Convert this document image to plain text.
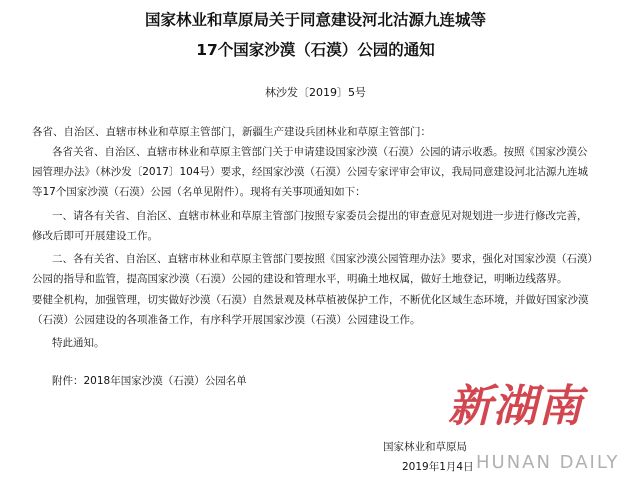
国家林业和草原局关于同意建设河北沽源九连城等
17个国家沙漠（石漠）公园的通知
林沙发〔2019〕5号
各省、自治区、直辖市林业和草原主管部门，新疆生产建设兵团林业和草原主管部门：
各省关省、自治区、直辖市林业和草原主管部门关于申请建设国家沙漠（石漠）公园的请示收悉。按照《国家沙漠公
园管理办法》（林沙发〔2017〕104号）要求，经国家沙漠（石漠）公园专家评审会审议，我局同意建设河北沽源九连城
等17个国家沙漠（石漠）公园（名单见附件）。现将有关事项通知如下：
一、请各有关省、自治区、直辖市林业和草原主管部门按照专家委员会提出的审查意见对规划进一步进行修改完善，
修改后即可开展建设工作。
二、各有关省、自治区、直辖市林业和草原主管部门要按照《国家沙漠公园管理办法》要求，强化对国家沙漠（石漠）
公园的指导和监管，提高国家沙漠（石漠）公园的建设和管理水平，明确土地权属，做好土地登记，明晰边线落界。
要健全机构，加强管理，切实做好沙漠（石漠）自然景观及林草植被保护工作，不断优化区域生态环境，并做好国家沙漠
（石漠）公园建设的各项准备工作，有序科学开展国家沙漠（石漠）公园建设工作。
特此通知。
附件：2018年国家沙漠（石漠）公园名单	新湖南
HUNAN DAILY
国家林业和草原局
2019年1月4日
